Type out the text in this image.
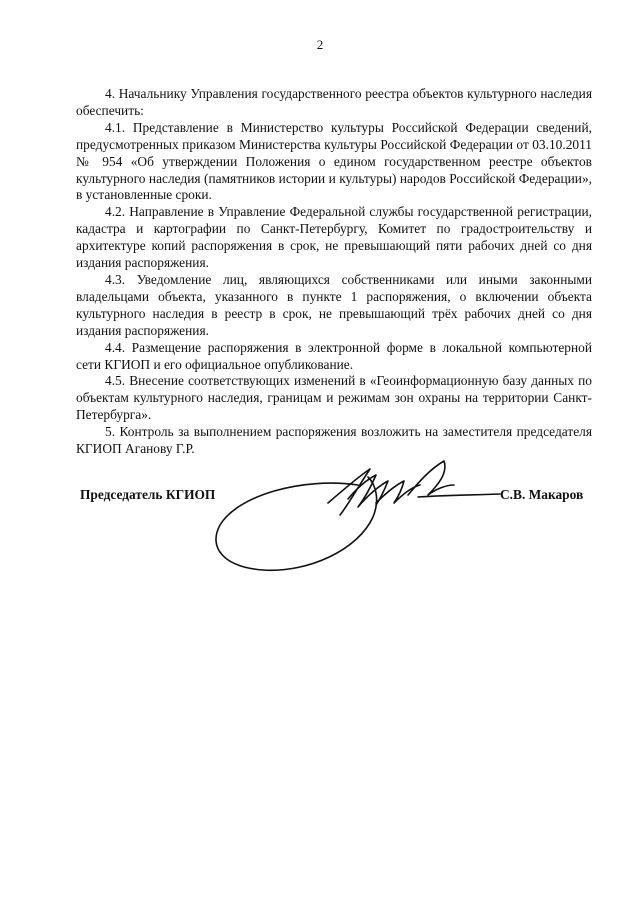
2

4. Начальнику Управления государственного реестра объектов культурного наследия обеспечить:

4.1. Представление в Министерство культуры Российской Федерации сведений, предусмотренных приказом Министерства культуры Российской Федерации от 03.10.2011 № 954 «Об утверждении Положения о едином государственном реестре объектов культурного наследия (памятников истории и культуры) народов Российской Федерации», в установленные сроки.

4.2. Направление в Управление Федеральной службы государственной регистрации, кадастра и картографии по Санкт-Петербургу, Комитет по градостроительству и архитектуре копий распоряжения в срок, не превышающий пяти рабочих дней со дня издания распоряжения.

4.3. Уведомление лиц, являющихся собственниками или иными законными владельцами объекта, указанного в пункте 1 распоряжения, о включении объекта культурного наследия в реестр в срок, не превышающий трёх рабочих дней со дня издания распоряжения.

4.4. Размещение распоряжения в электронной форме в локальной компьютерной сети КГИОП и его официальное опубликование.

4.5. Внесение соответствующих изменений в «Геоинформационную базу данных по объектам культурного наследия, границам и режимам зон охраны на территории Санкт-Петербурга».

5. Контроль за выполнением распоряжения возложить на заместителя председателя КГИОП Аганову Г.Р.

Председатель КГИОП	С.В. Макаров
